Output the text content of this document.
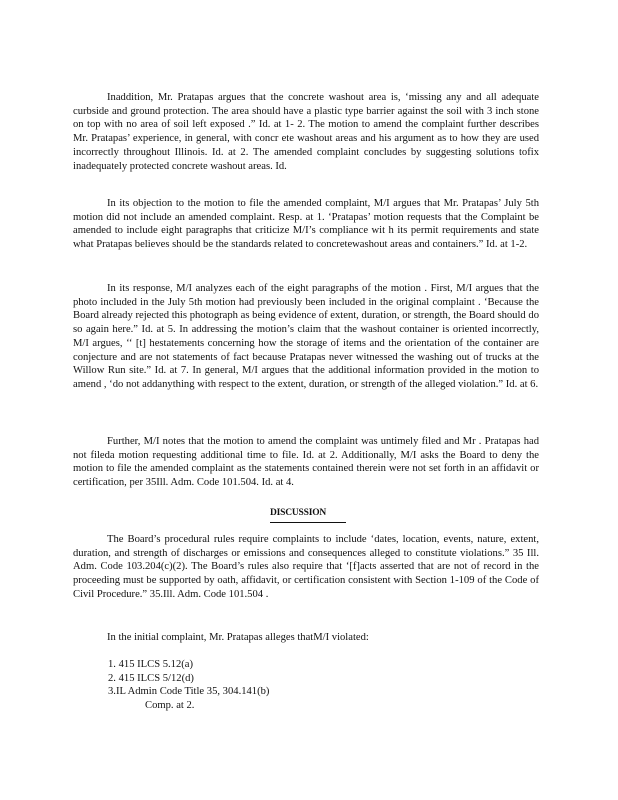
Inaddition, Mr. Pratapas argues that the concrete washout area is, ‘missing any and all adequate curbside and ground protection. The area should have a plastic type barrier against the soil with 3 inch stone on top with no area of soil left exposed .” Id. at 1- 2. The motion to amend the complaint further describes Mr. Pratapas’ experience, in general, with concr ete washout areas and his argument as to how they are used incorrectly throughout Illinois. Id. at 2. The amended complaint concludes by suggesting solutions tofix inadequately protected concrete washout areas. Id.

In its objection to the motion to file the amended complaint, M/I argues that Mr. Pratapas’ July 5th motion did not include an amended complaint. Resp. at 1. ‘Pratapas’ motion requests that the Complaint be amended to include eight paragraphs that criticize M/I’s compliance wit h its permit requirements and state what Pratapas believes should be the standards related to concretewashout areas and containers.” Id. at 1-2.

In its response, M/I analyzes each of the eight paragraphs of the motion . First, M/I argues that the photo included in the July 5th motion had previously been included in the original complaint . ‘Because the Board already rejected this photograph as being evidence of extent, duration, or strength, the Board should do so again here.” Id. at 5. In addressing the motion’s claim that the washout container is oriented incorrectly, M/I argues, ‘‘ [t] hestatements concerning how the storage of items and the orientation of the container are conjecture and are not statements of fact because Pratapas never witnessed the washing out of trucks at the Willow Run site.” Id. at 7. In general, M/I argues that the additional information provided in the motion to amend , ‘do not addanything with respect to the extent, duration, or strength of the alleged violation.” Id. at 6.

Further, M/I notes that the motion to amend the complaint was untimely filed and Mr . Pratapas had not fileda motion requesting additional time to file. Id. at 2. Additionally, M/I asks the Board to deny the motion to file the amended complaint as the statements contained therein were not set forth in an affidavit or certification, per 35Ill. Adm. Code 101.504. Id. at 4.

DISCUSSION

The Board’s procedural rules require complaints to include ‘dates, location, events, nature, extent, duration, and strength of discharges or emissions and consequences alleged to constitute violations.” 35 Ill. Adm. Code 103.204(c)(2). The Board’s rules also require that ‘[f]acts asserted that are not of record in the proceeding must be supported by oath, affidavit, or certification consistent with Section 1-109 of the Code of Civil Procedure.” 35.Ill. Adm. Code 101.504 .

In the initial complaint, Mr. Pratapas alleges thatM/I violated:

1. 415 ILCS 5.12(a)
2. 415 ILCS 5/12(d)
3.IL Admin Code Title 35, 304.141(b)
Comp. at 2.
